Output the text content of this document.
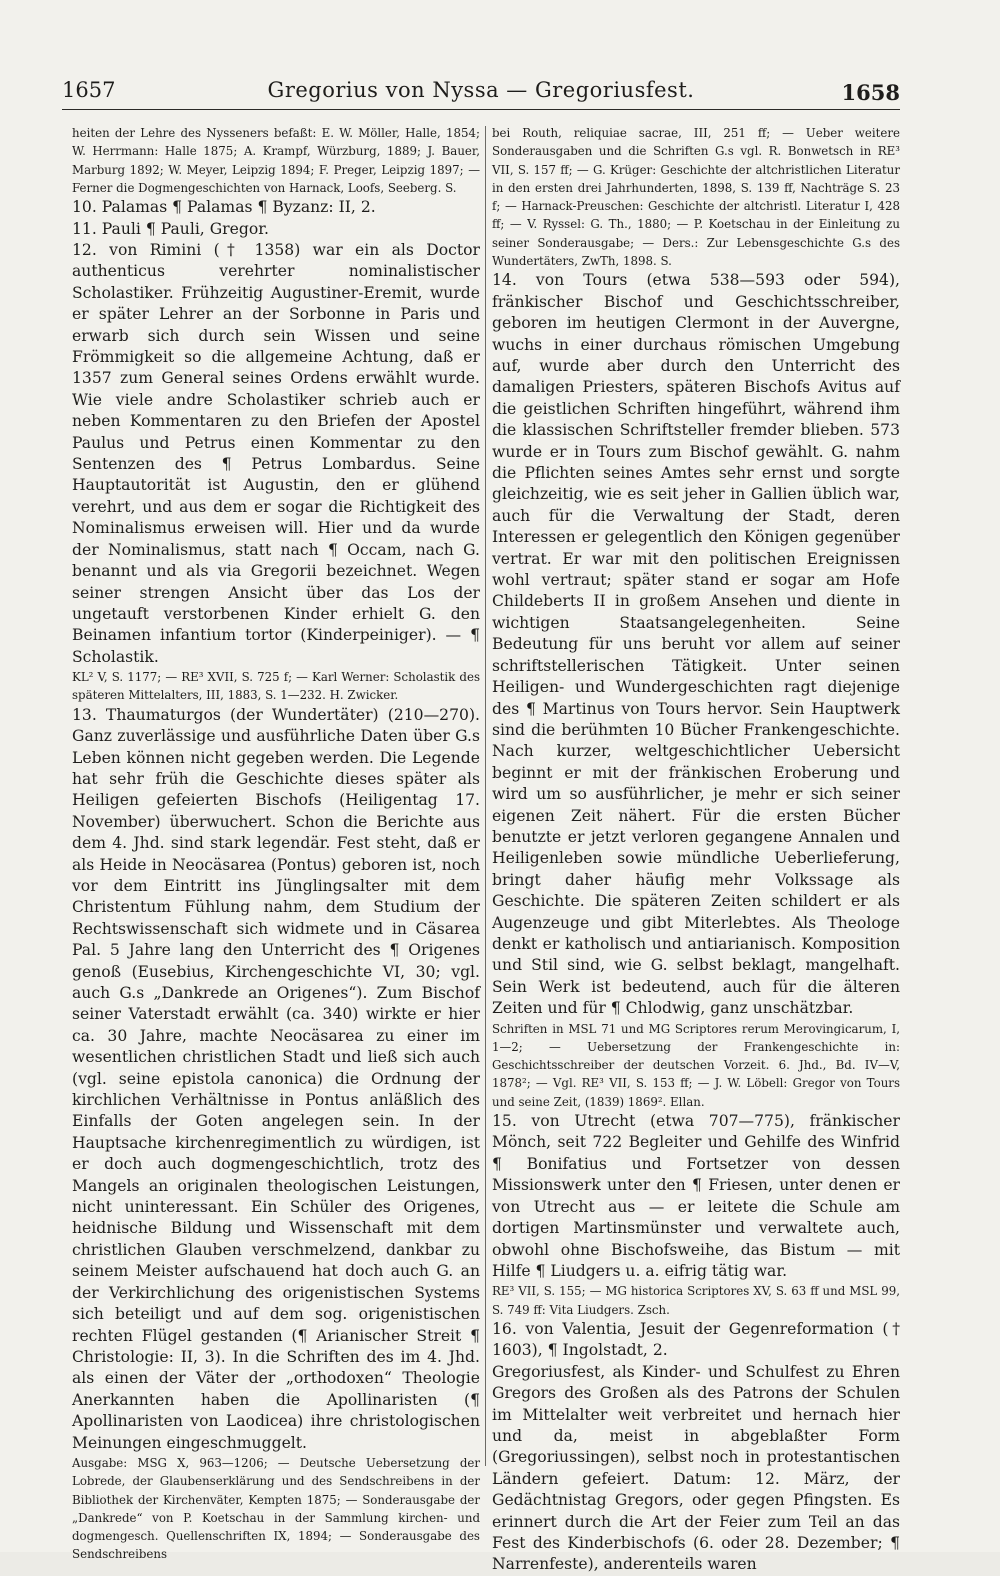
1657	Gregorius von Nyssa — Gregoriusfest.	1658

heiten der Lehre des Nysseners befaßt: E. W. Möller, Halle, 1854; W. Herrmann: Halle 1875; A. Krampf, Würzburg, 1889; J. Bauer, Marburg 1892; W. Meyer, Leipzig 1894; F. Preger, Leipzig 1897; — Ferner die Dogmengeschichten von Harnack, Loofs, Seeberg. S.

10. Palamas ¶ Palamas ¶ Byzanz: II, 2.

11. Pauli ¶ Pauli, Gregor.

12. von Rimini († 1358) war ein als Doctor authenticus verehrter nominalistischer Scholastiker. Frühzeitig Augustiner-Eremit, wurde er später Lehrer an der Sorbonne in Paris und erwarb sich durch sein Wissen und seine Frömmigkeit so die allgemeine Achtung, daß er 1357 zum General seines Ordens erwählt wurde. Wie viele andre Scholastiker schrieb auch er neben Kommentaren zu den Briefen der Apostel Paulus und Petrus einen Kommentar zu den Sentenzen des ¶ Petrus Lombardus. Seine Hauptautorität ist Augustin, den er glühend verehrt, und aus dem er sogar die Richtigkeit des Nominalismus erweisen will. Hier und da wurde der Nominalismus, statt nach ¶ Occam, nach G. benannt und als via Gregorii bezeichnet. Wegen seiner strengen Ansicht über das Los der ungetauft verstorbenen Kinder erhielt G. den Beinamen infantium tortor (Kinderpeiniger). — ¶ Scholastik.

KL² V, S. 1177; — RE³ XVII, S. 725 f; — Karl Werner: Scholastik des späteren Mittelalters, III, 1883, S. 1—232. H. Zwicker.

13. Thaumaturgos (der Wundertäter) (210—270). Ganz zuverlässige und ausführliche Daten über G.s Leben können nicht gegeben werden. Die Legende hat sehr früh die Geschichte dieses später als Heiligen gefeierten Bischofs (Heiligentag 17. November) überwuchert. Schon die Berichte aus dem 4. Jhd. sind stark legendär. Fest steht, daß er als Heide in Neocäsarea (Pontus) geboren ist, noch vor dem Eintritt ins Jünglingsalter mit dem Christentum Fühlung nahm, dem Studium der Rechtswissenschaft sich widmete und in Cäsarea Pal. 5 Jahre lang den Unterricht des ¶ Origenes genoß (Eusebius, Kirchengeschichte VI, 30; vgl. auch G.s „Dankrede an Origenes“). Zum Bischof seiner Vaterstadt erwählt (ca. 340) wirkte er hier ca. 30 Jahre, machte Neocäsarea zu einer im wesentlichen christlichen Stadt und ließ sich auch (vgl. seine epistola canonica) die Ordnung der kirchlichen Verhältnisse in Pontus anläßlich des Einfalls der Goten angelegen sein. In der Hauptsache kirchenregimentlich zu würdigen, ist er doch auch dogmengeschichtlich, trotz des Mangels an originalen theologischen Leistungen, nicht uninteressant. Ein Schüler des Origenes, heidnische Bildung und Wissenschaft mit dem christlichen Glauben verschmelzend, dankbar zu seinem Meister aufschauend hat doch auch G. an der Verkirchlichung des origenistischen Systems sich beteiligt und auf dem sog. origenistischen rechten Flügel gestanden (¶ Arianischer Streit ¶ Christologie: II, 3). In die Schriften des im 4. Jhd. als einen der Väter der „orthodoxen“ Theologie Anerkannten haben die Apollinaristen (¶ Apollinaristen von Laodicea) ihre christologischen Meinungen eingeschmuggelt.

Ausgabe: MSG X, 963—1206; — Deutsche Uebersetzung der Lobrede, der Glaubenserklärung und des Sendschreibens in der Bibliothek der Kirchenväter, Kempten 1875; — Sonderausgabe der „Dankrede“ von P. Koetschau in der Sammlung kirchen- und dogmengesch. Quellenschriften IX, 1894; — Sonderausgabe des Sendschreibens

bei Routh, reliquiae sacrae, III, 251 ff; — Ueber weitere Sonderausgaben und die Schriften G.s vgl. R. Bonwetsch in RE³ VII, S. 157 ff; — G. Krüger: Geschichte der altchristlichen Literatur in den ersten drei Jahrhunderten, 1898, S. 139 ff, Nachträge S. 23 f; — Harnack-Preuschen: Geschichte der altchristl. Literatur I, 428 ff; — V. Ryssel: G. Th., 1880; — P. Koetschau in der Einleitung zu seiner Sonderausgabe; — Ders.: Zur Lebensgeschichte G.s des Wundertäters, ZwTh, 1898. S.

14. von Tours (etwa 538—593 oder 594), fränkischer Bischof und Geschichtsschreiber, geboren im heutigen Clermont in der Auvergne, wuchs in einer durchaus römischen Umgebung auf, wurde aber durch den Unterricht des damaligen Priesters, späteren Bischofs Avitus auf die geistlichen Schriften hingeführt, während ihm die klassischen Schriftsteller fremder blieben. 573 wurde er in Tours zum Bischof gewählt. G. nahm die Pflichten seines Amtes sehr ernst und sorgte gleichzeitig, wie es seit jeher in Gallien üblich war, auch für die Verwaltung der Stadt, deren Interessen er gelegentlich den Königen gegenüber vertrat. Er war mit den politischen Ereignissen wohl vertraut; später stand er sogar am Hofe Childeberts II in großem Ansehen und diente in wichtigen Staatsangelegenheiten. Seine Bedeutung für uns beruht vor allem auf seiner schriftstellerischen Tätigkeit. Unter seinen Heiligen- und Wundergeschichten ragt diejenige des ¶ Martinus von Tours hervor. Sein Hauptwerk sind die berühmten 10 Bücher Frankengeschichte. Nach kurzer, weltgeschichtlicher Uebersicht beginnt er mit der fränkischen Eroberung und wird um so ausführlicher, je mehr er sich seiner eigenen Zeit nähert. Für die ersten Bücher benutzte er jetzt verloren gegangene Annalen und Heiligenleben sowie mündliche Ueberlieferung, bringt daher häufig mehr Volkssage als Geschichte. Die späteren Zeiten schildert er als Augenzeuge und gibt Miterlebtes. Als Theologe denkt er katholisch und antiarianisch. Komposition und Stil sind, wie G. selbst beklagt, mangelhaft. Sein Werk ist bedeutend, auch für die älteren Zeiten und für ¶ Chlodwig, ganz unschätzbar.

Schriften in MSL 71 und MG Scriptores rerum Merovingicarum, I, 1—2; — Uebersetzung der Frankengeschichte in: Geschichtsschreiber der deutschen Vorzeit. 6. Jhd., Bd. IV—V, 1878²; — Vgl. RE³ VII, S. 153 ff; — J. W. Löbell: Gregor von Tours und seine Zeit, (1839) 1869². Ellan.

15. von Utrecht (etwa 707—775), fränkischer Mönch, seit 722 Begleiter und Gehilfe des Winfrid ¶ Bonifatius und Fortsetzer von dessen Missionswerk unter den ¶ Friesen, unter denen er von Utrecht aus — er leitete die Schule am dortigen Martinsmünster und verwaltete auch, obwohl ohne Bischofsweihe, das Bistum — mit Hilfe ¶ Liudgers u. a. eifrig tätig war.

RE³ VII, S. 155; — MG historica Scriptores XV, S. 63 ff und MSL 99, S. 749 ff: Vita Liudgers. Zsch.

16. von Valentia, Jesuit der Gegenreformation († 1603), ¶ Ingolstadt, 2.

Gregoriusfest, als Kinder- und Schulfest zu Ehren Gregors des Großen als des Patrons der Schulen im Mittelalter weit verbreitet und hernach hier und da, meist in abgeblaßter Form (Gregoriussingen), selbst noch in protestantischen Ländern gefeiert. Datum: 12. März, der Gedächtnistag Gregors, oder gegen Pfingsten. Es erinnert durch die Art der Feier zum Teil an das Fest des Kinderbischofs (6. oder 28. Dezember; ¶ Narrenfeste), anderenteils waren
